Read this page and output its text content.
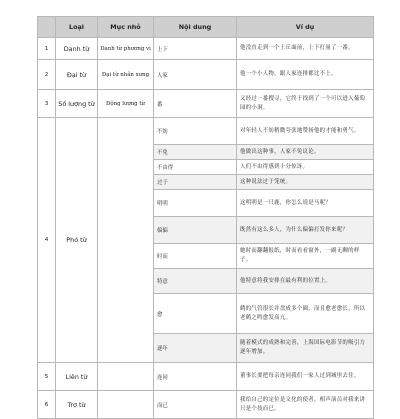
	Loại	Mục nhỏ	Nội dung	Ví dụ
1	Danh từ	Danh từ phương vị	上下	他没直走到一个土丘面前，上下打量了一番。

2	Đại từ	Đại từ nhân xưng	人家	他一个小人物，跟人家连排都比不上。

3	Số lượng từ	Động lượng từ	番	又经过一番搜寻，它终于找到了一个可以进入葡萄园的小洞。

4	Phó từ		不妨	对年轻人不妨稍微夸张地赞扬他的才能和勇气。

			不免	他做出这种事，人家不免议论。

			不由得	人们不由得感到十分惊讶。

			过于	这种说法过于笼统。

			明明	这明明是一只鹿，你怎么说是马呢？

			偏偏	既然有这么多人，为什么偏偏打发你来呢？

			时而	她时而翻翻报纸，时而看看窗外，一副无聊的样子。

			特意	他特意将我安排在最有利的位置上。

			愈	鹤的气管很长并盘成多个圈，而且愈老愈长，所以老鹤之鸣愈发高亢。

			逐年	随着模式的成熟和完善，上海国际电影节的吸引力逐年增加。

5	Liên từ		连同	董事长要把每亲连同我们一家人过到城里去住。

6	Trợ từ		而已	我给自己的定位是文化的使者，相声演员对我来讲只是个技而已。
